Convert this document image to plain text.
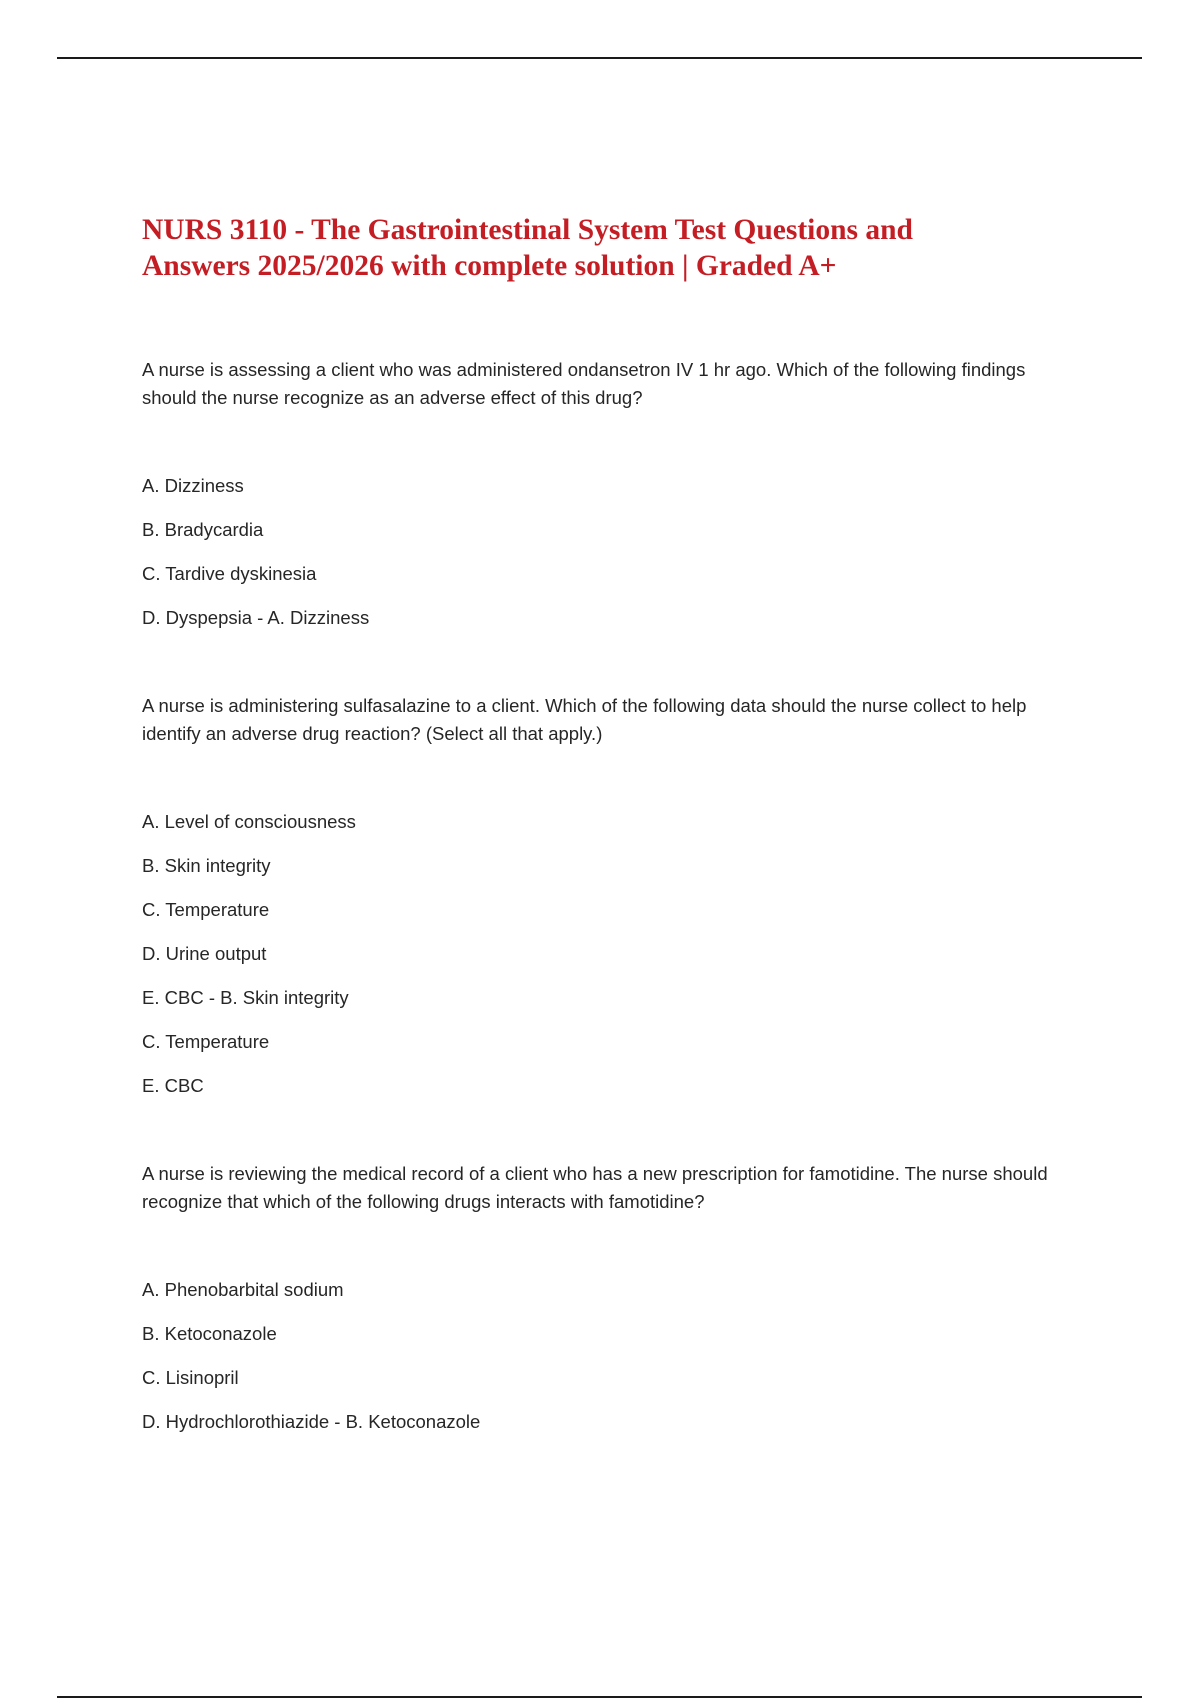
NURS 3110 - The Gastrointestinal System Test Questions and Answers 2025/2026 with complete solution | Graded A+

A nurse is assessing a client who was administered ondansetron IV 1 hr ago. Which of the following findings should the nurse recognize as an adverse effect of this drug?

A. Dizziness
B. Bradycardia
C. Tardive dyskinesia
D. Dyspepsia - A. Dizziness

A nurse is administering sulfasalazine to a client. Which of the following data should the nurse collect to help identify an adverse drug reaction? (Select all that apply.)

A. Level of consciousness
B. Skin integrity
C. Temperature
D. Urine output
E. CBC - B. Skin integrity
C. Temperature
E. CBC

A nurse is reviewing the medical record of a client who has a new prescription for famotidine. The nurse should recognize that which of the following drugs interacts with famotidine?

A. Phenobarbital sodium
B. Ketoconazole
C. Lisinopril
D. Hydrochlorothiazide - B. Ketoconazole
